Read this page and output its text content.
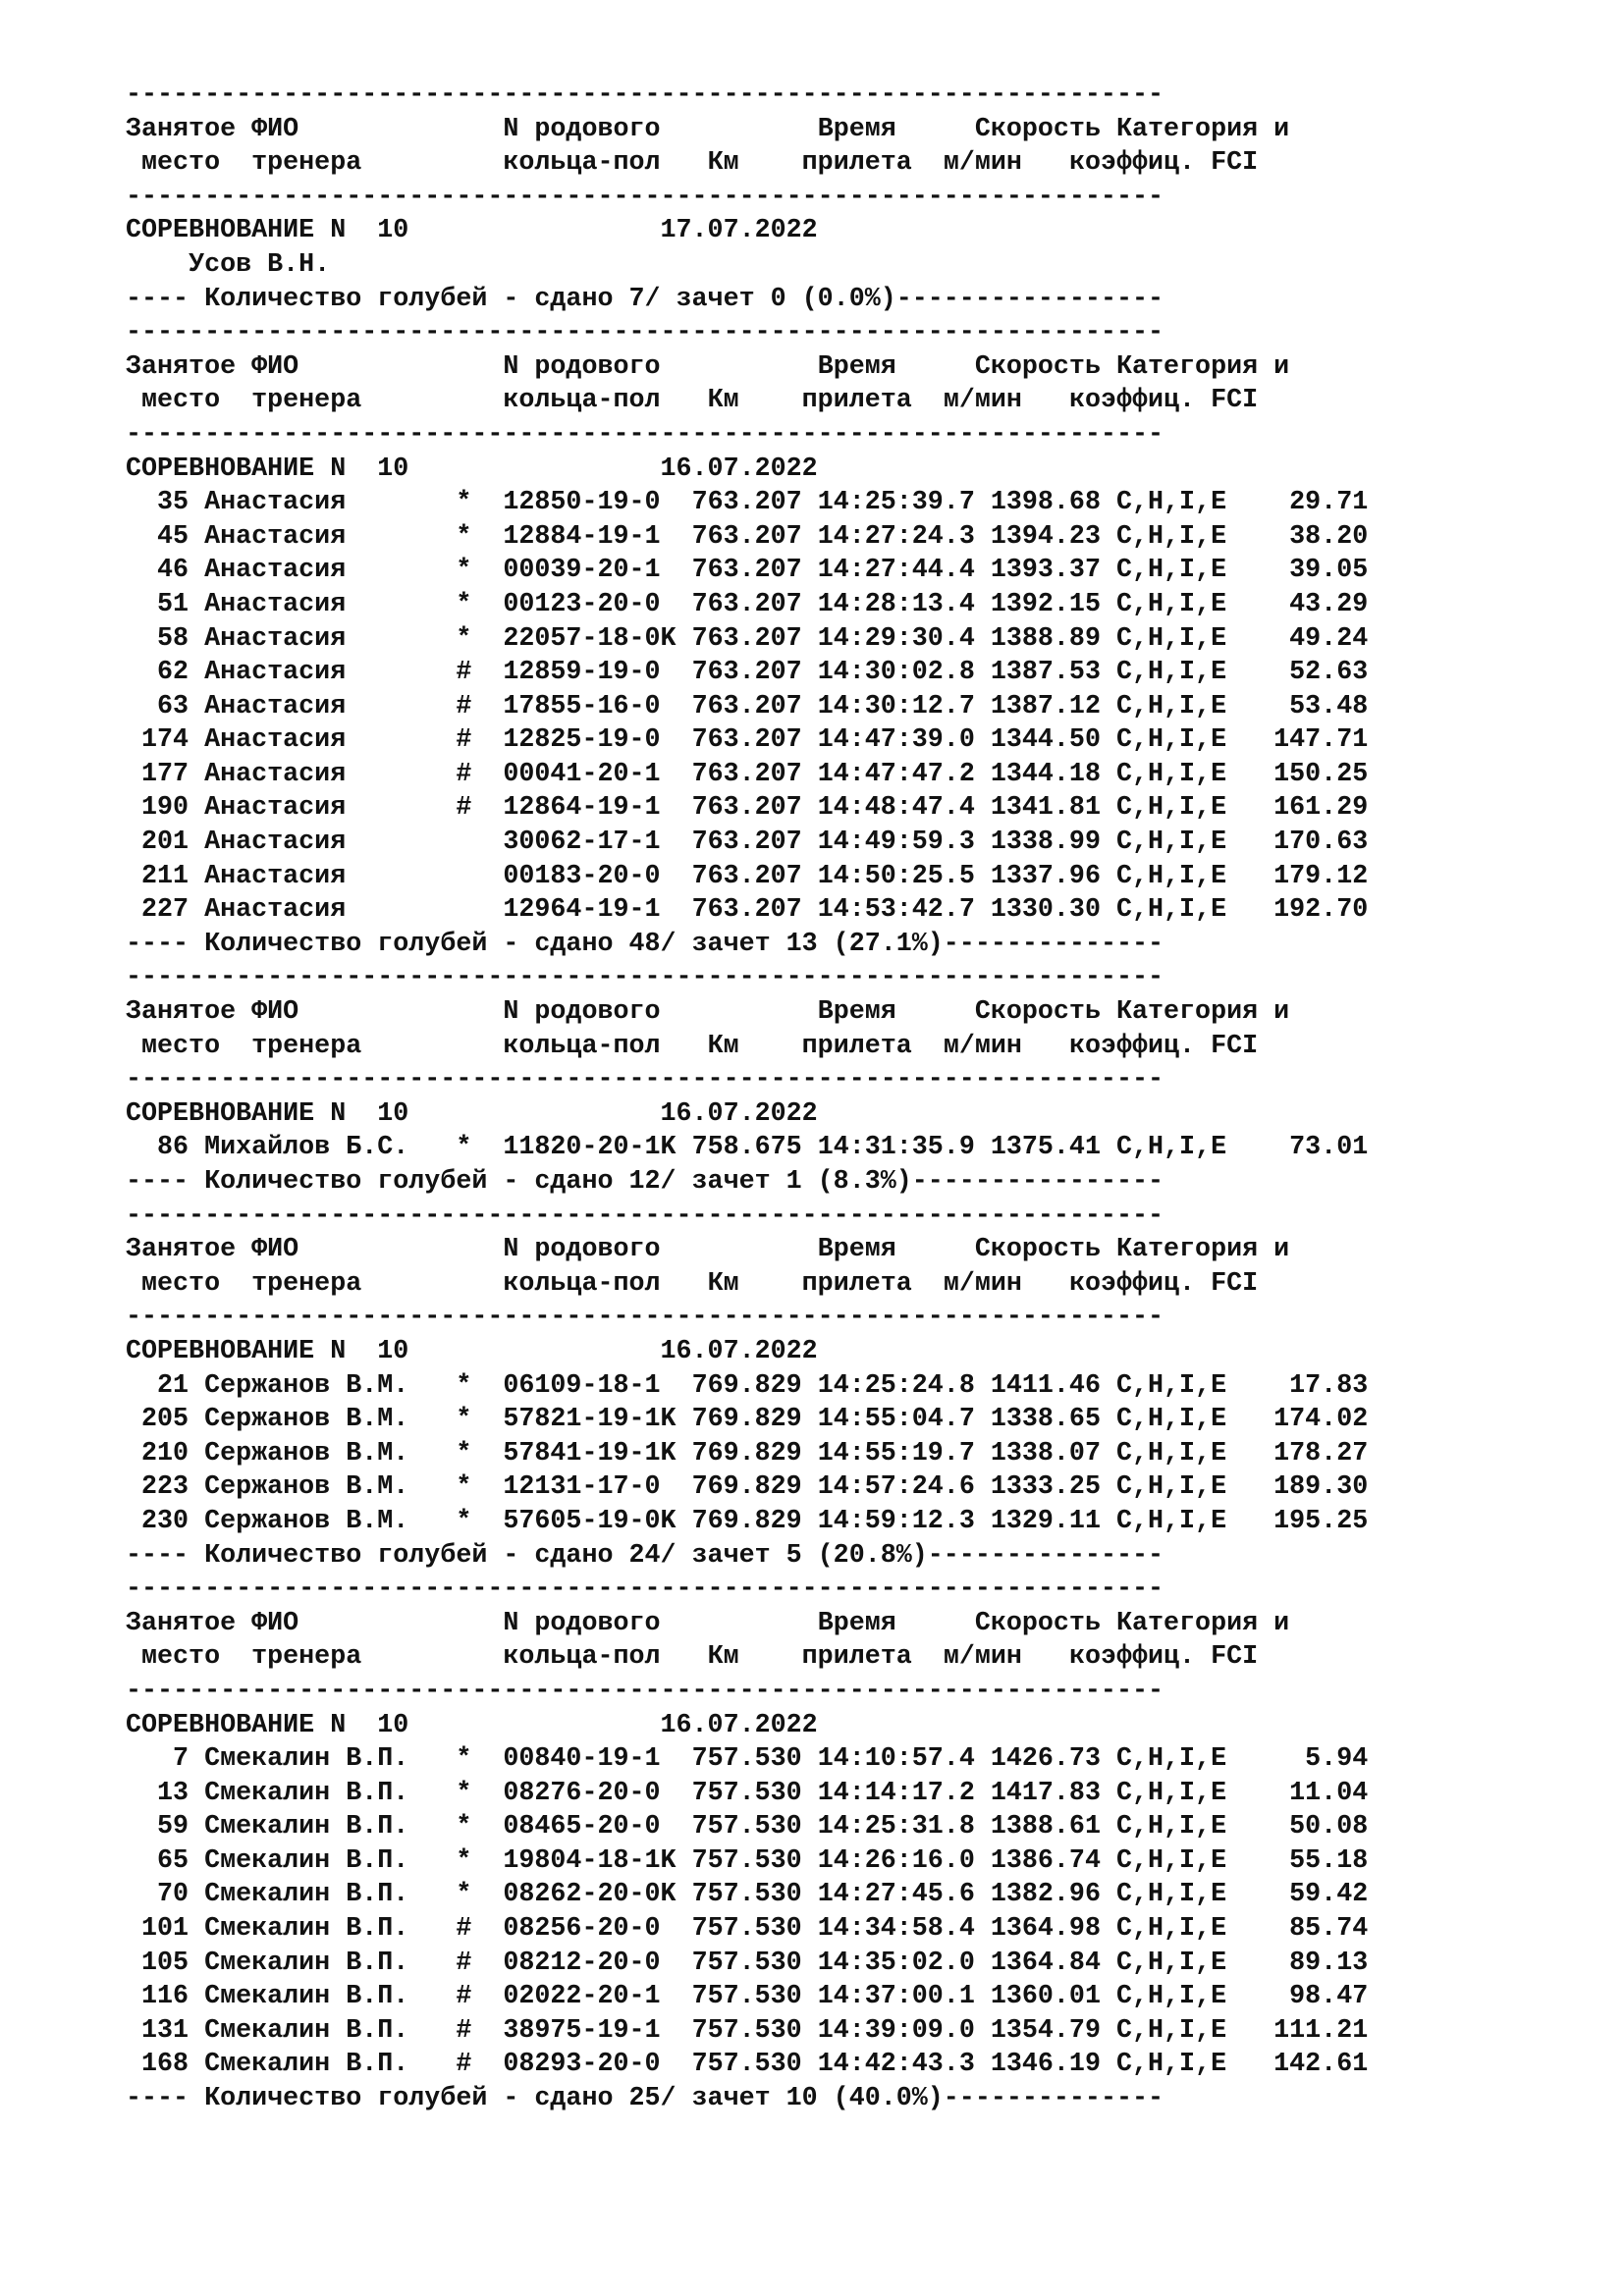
------------------------------------------------------------------
Занятое ФИО             N родового          Время     Скорость Категория и
место  тренера         кольца-пол   Км    прилета  м/мин   коэффиц. FCI
------------------------------------------------------------------
СОРЕВНОВАНИЕ N  10                17.07.2022
Усов В.Н.
---- Количество голубей - сдано 7/ зачет 0 (0.0%)-----------------
------------------------------------------------------------------
Занятое ФИО             N родового          Время     Скорость Категория и
место  тренера         кольца-пол   Км    прилета  м/мин   коэффиц. FCI
------------------------------------------------------------------
СОРЕВНОВАНИЕ N  10                16.07.2022
35 Анастасия       * 12850-19-0  763.207 14:25:39.7 1398.68 C,H,I,E    29.71
45 Анастасия       * 12884-19-1  763.207 14:27:24.3 1394.23 C,H,I,E    38.20
46 Анастасия       * 00039-20-1  763.207 14:27:44.4 1393.37 C,H,I,E    39.05
51 Анастасия       * 00123-20-0  763.207 14:28:13.4 1392.15 C,H,I,E    43.29
58 Анастасия       * 22057-18-0K 763.207 14:29:30.4 1388.89 C,H,I,E    49.24
62 Анастасия       # 12859-19-0  763.207 14:30:02.8 1387.53 C,H,I,E    52.63
63 Анастасия       # 17855-16-0  763.207 14:30:12.7 1387.12 C,H,I,E    53.48
174 Анастасия       # 12825-19-0  763.207 14:47:39.0 1344.50 C,H,I,E   147.71
177 Анастасия       # 00041-20-1  763.207 14:47:47.2 1344.18 C,H,I,E   150.25
190 Анастасия       # 12864-19-1  763.207 14:48:47.4 1341.81 C,H,I,E   161.29
201 Анастасия	30062-17-1  763.207 14:49:59.3 1338.99 C,H,I,E   170.63
211 Анастасия	00183-20-0  763.207 14:50:25.5 1337.96 C,H,I,E   179.12
227 Анастасия	12964-19-1  763.207 14:53:42.7 1330.30 C,H,I,E   192.70
---- Количество голубей - сдано 48/ зачет 13 (27.1%)--------------
------------------------------------------------------------------
Занятое ФИО             N родового          Время     Скорость Категория и
место  тренера         кольца-пол   Км    прилета  м/мин   коэффиц. FCI
------------------------------------------------------------------
СОРЕВНОВАНИЕ N  10                16.07.2022
86 Михайлов Б.С.   * 11820-20-1K 758.675 14:31:35.9 1375.41 C,H,I,E    73.01
---- Количество голубей - сдано 12/ зачет 1 (8.3%)----------------
------------------------------------------------------------------
Занятое ФИО             N родового          Время     Скорость Категория и
место  тренера         кольца-пол   Км    прилета  м/мин   коэффиц. FCI
------------------------------------------------------------------
СОРЕВНОВАНИЕ N  10                16.07.2022
21 Сержанов В.М.   * 06109-18-1  769.829 14:25:24.8 1411.46 C,H,I,E    17.83
205 Сержанов В.М.   * 57821-19-1K 769.829 14:55:04.7 1338.65 C,H,I,E   174.02
210 Сержанов В.М.   * 57841-19-1K 769.829 14:55:19.7 1338.07 C,H,I,E   178.27
223 Сержанов В.М.   * 12131-17-0  769.829 14:57:24.6 1333.25 C,H,I,E   189.30
230 Сержанов В.М.   * 57605-19-0K 769.829 14:59:12.3 1329.11 C,H,I,E   195.25
---- Количество голубей - сдано 24/ зачет 5 (20.8%)---------------
------------------------------------------------------------------
Занятое ФИО             N родового          Время     Скорость Категория и
место  тренера         кольца-пол   Км    прилета  м/мин   коэффиц. FCI
------------------------------------------------------------------
СОРЕВНОВАНИЕ N  10                16.07.2022
7 Смекалин В.П.   * 00840-19-1  757.530 14:10:57.4 1426.73 C,H,I,E     5.94
13 Смекалин В.П.   * 08276-20-0  757.530 14:14:17.2 1417.83 C,H,I,E    11.04
59 Смекалин В.П.   * 08465-20-0  757.530 14:25:31.8 1388.61 C,H,I,E    50.08
65 Смекалин В.П.   * 19804-18-1K 757.530 14:26:16.0 1386.74 C,H,I,E    55.18
70 Смекалин В.П.   * 08262-20-0K 757.530 14:27:45.6 1382.96 C,H,I,E    59.42
101 Смекалин В.П.   # 08256-20-0  757.530 14:34:58.4 1364.98 C,H,I,E    85.74
105 Смекалин В.П.   # 08212-20-0  757.530 14:35:02.0 1364.84 C,H,I,E    89.13
116 Смекалин В.П.   # 02022-20-1  757.530 14:37:00.1 1360.01 C,H,I,E    98.47
131 Смекалин В.П.   # 38975-19-1  757.530 14:39:09.0 1354.79 C,H,I,E   111.21
168 Смекалин В.П.   # 08293-20-0  757.530 14:42:43.3 1346.19 C,H,I,E   142.61
---- Количество голубей - сдано 25/ зачет 10 (40.0%)--------------
